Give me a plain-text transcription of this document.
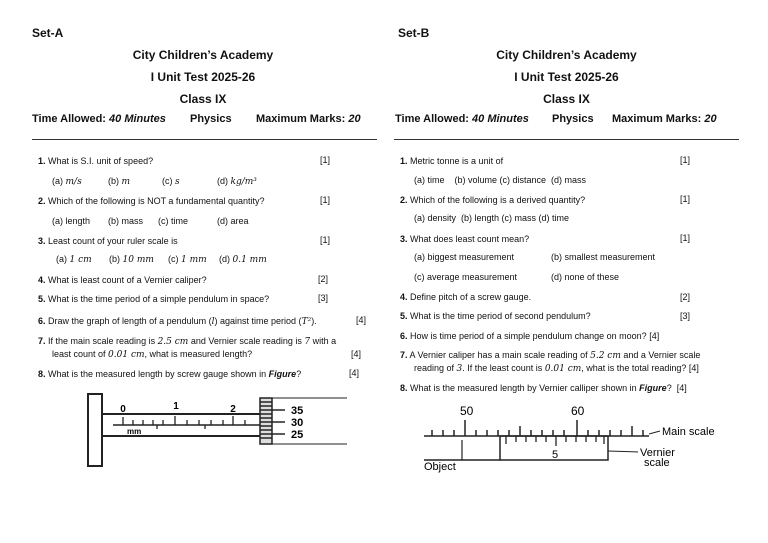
Set-A
City Children’s Academy
I Unit Test 2025-26
Class IX
Time Allowed: 40 Minutes Physics Maximum Marks: 20
1. What is S.I. unit of speed?	[1]
(a) m/s	(b) m	(c) s	(d) kg/m³
2. Which of the following is NOT a fundamental quantity?	[1]
(a) length (b) mass (c) time	(d) area
3. Least count of your ruler scale is	[1]
(a) 1 cm (b) 10 mm (c) 1 mm (d) 0.1 mm
4. What is least count of a Vernier caliper?	[2]
5. What is the time period of a simple pendulum in space?	[3]
6. Draw the graph of length of a pendulum (l) against time period (T²).	[4]
7. If the main scale reading is 2.5 cm and Vernier scale reading is 7 with a
least count of 0.01 cm, what is measured length?	[4]
8. What is the measured length by screw gauge shown in Figure?	[4]
0	1	2
mm
35
30
25
Set-B
City Children’s Academy
I Unit Test 2025-26
Class IX
Time Allowed: 40 Minutes Physics Maximum Marks: 20
1. Metric tonne is a unit of	[1]
(a) time    (b) volume (c) distance  (d) mass
2. Which of the following is a derived quantity?	[1]
(a) density  (b) length (c) mass (d) time
3. What does least count mean?	[1]
(a) biggest measurement	(b) smallest measurement
(c) average measurement	(d) none of these
4. Define pitch of a screw gauge.	[2]
5. What is the time period of second pendulum?	[3]
6. How is time period of a simple pendulum change on moon? [4]
7. A Vernier caliper has a main scale reading of 5.2 cm and a Vernier scale
reading of 3. If the least count is 0.01 cm, what is the total reading? [4]
8. What is the measured length by Vernier calliper shown in Figure? [4]
50	60
5
Object
Main scale
Vernier
scale
